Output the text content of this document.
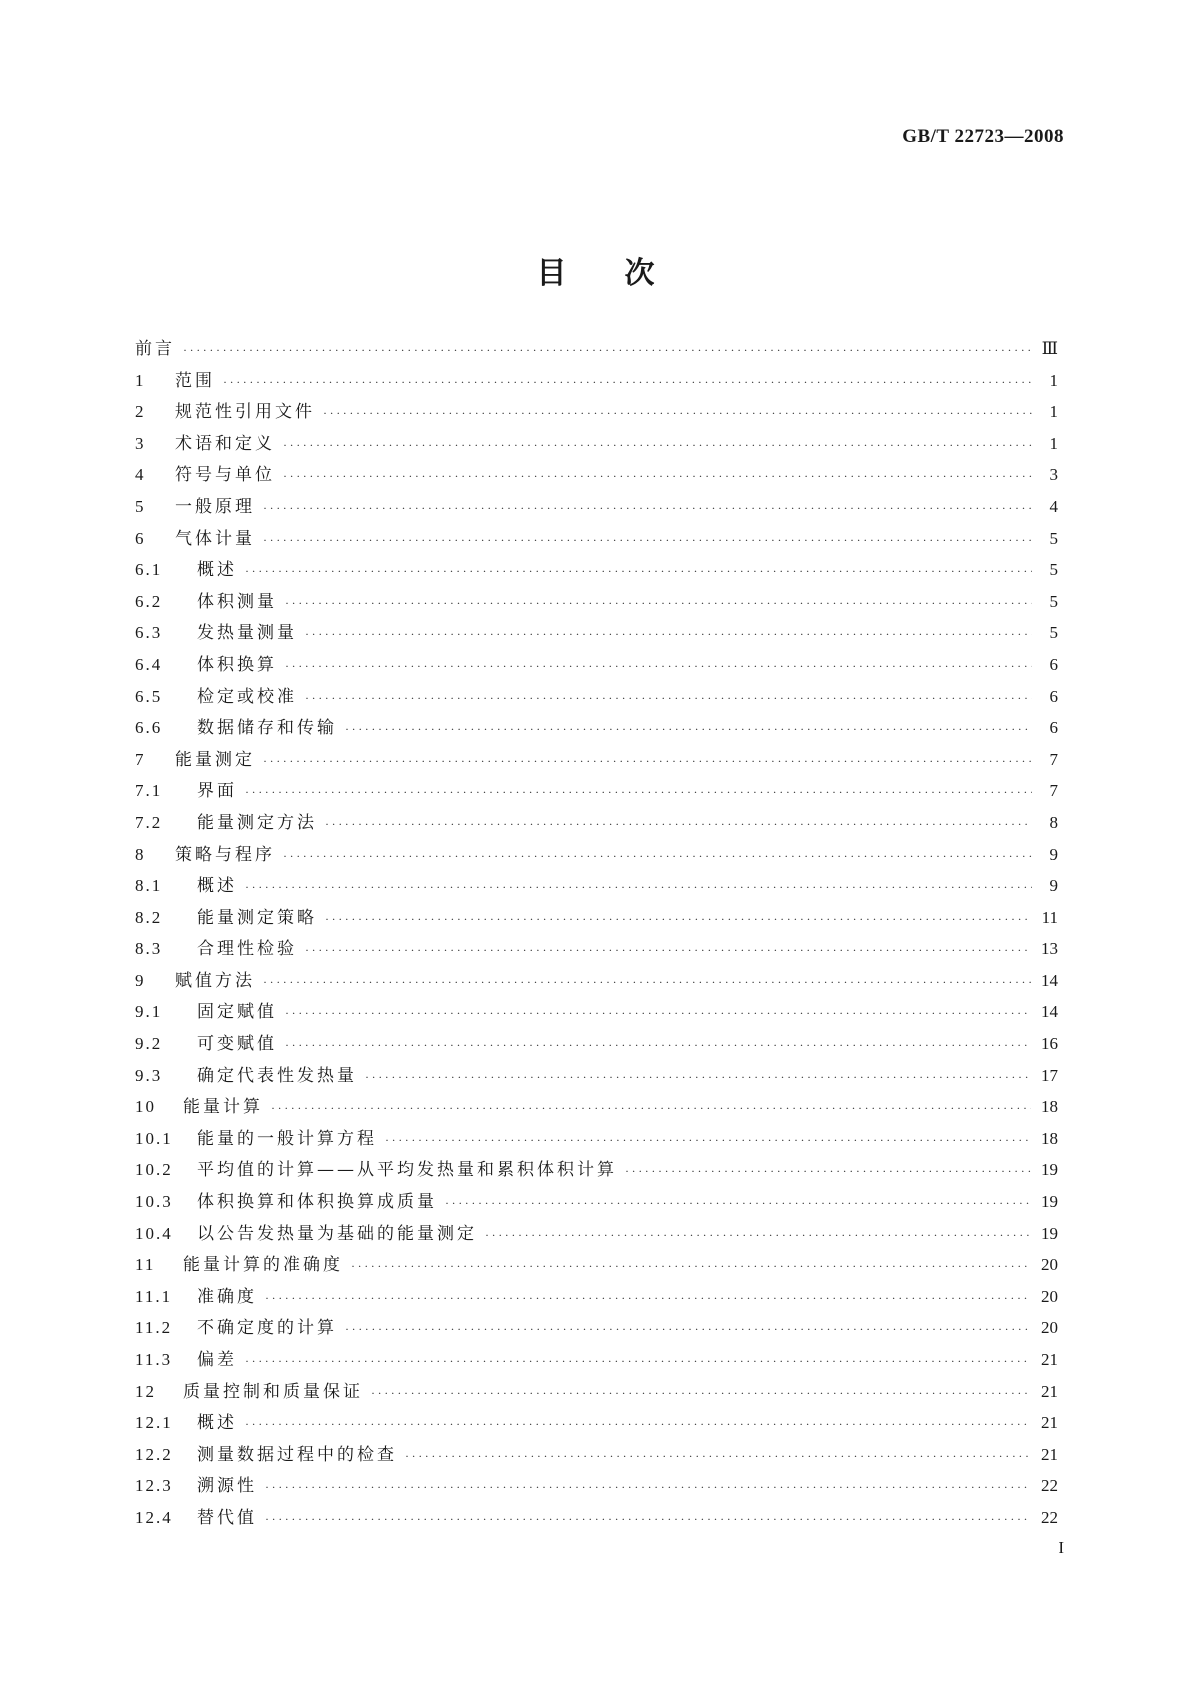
GB/T 22723—2008
目次
前言 ·····	Ⅲ
1	范围 ·····	1
2	规范性引用文件 ·····	1
3	术语和定义 ·····	1
4	符号与单位 ·····	3
5	一般原理 ·····	4
6	气体计量 ·····	5
6.1	概述 ·····	5
6.2	体积测量 ·····	5
6.3	发热量测量 ·····	5
6.4	体积换算 ·····	6
6.5	检定或校准 ·····	6
6.6	数据储存和传输 ·····	6
7	能量测定 ·····	7
7.1	界面 ·····	7
7.2	能量测定方法 ·····	8
8	策略与程序 ·····	9
8.1	概述 ·····	9
8.2	能量测定策略 ·····	11
8.3	合理性检验 ·····	13
9	赋值方法 ·····	14
9.1	固定赋值 ·····	14
9.2	可变赋值 ·····	16
9.3	确定代表性发热量 ·····	17
10	能量计算 ·····	18
10.1	能量的一般计算方程 ·····	18
10.2	平均值的计算——从平均发热量和累积体积计算 ·····	19
10.3	体积换算和体积换算成质量 ·····	19
10.4	以公告发热量为基础的能量测定 ·····	19
11	能量计算的准确度 ·····	20
11.1	准确度 ·····	20
11.2	不确定度的计算 ·····	20
11.3	偏差 ·····	21
12	质量控制和质量保证 ·····	21
12.1	概述 ·····	21
12.2	测量数据过程中的检查 ·····	21
12.3	溯源性 ·····	22
12.4	替代值 ·····	22
I
